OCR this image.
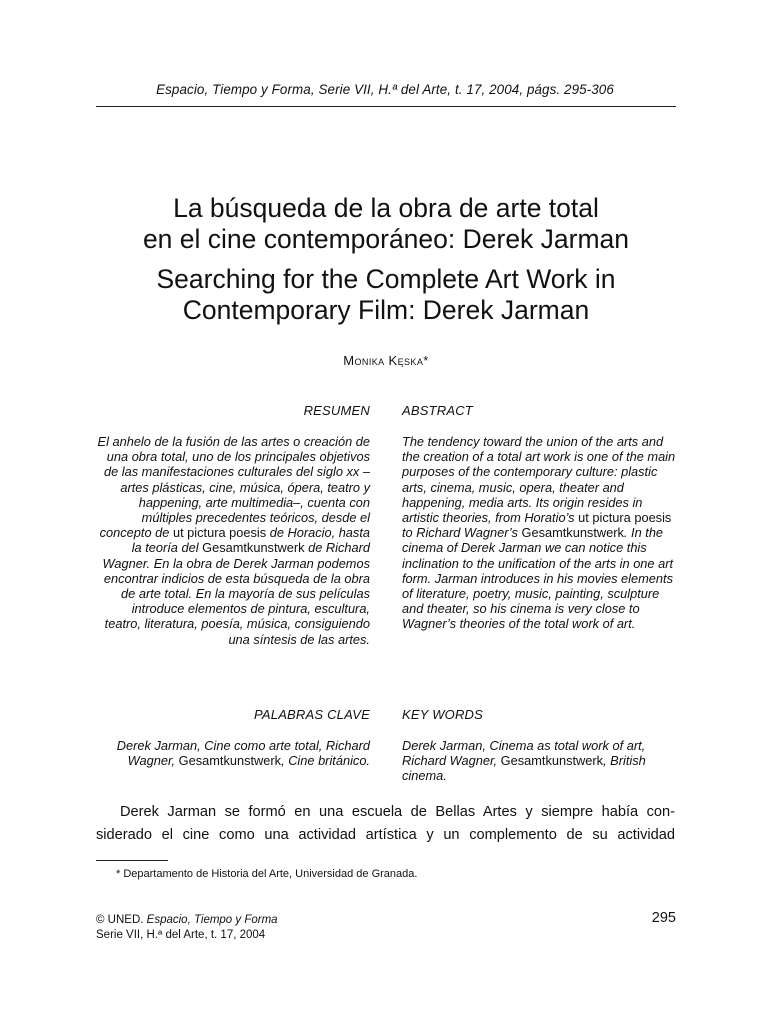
Espacio, Tiempo y Forma, Serie VII, H.ª del Arte, t. 17, 2004, págs. 295-306
La búsqueda de la obra de arte total
en el cine contemporáneo: Derek Jarman
Searching for the Complete Art Work in
Contemporary Film: Derek Jarman
Monika Kęska*
RESUMEN ABSTRACT
El anhelo de la fusión de las artes o creación de una obra total, uno de los principales objetivos de las manifestaciones culturales del siglo xx –artes plásticas, cine, música, ópera, teatro y happening, arte multimedia–, cuenta con múltiples precedentes teóricos, desde el concepto de ut pictura poesis de Horacio, hasta la teoría del Gesamtkunstwerk de Richard Wagner. En la obra de Derek Jarman podemos encontrar indicios de esta búsqueda de la obra de arte total. En la mayoría de sus películas introduce elementos de pintura, escultura, teatro, literatura, poesía, música, consiguiendo una síntesis de las artes.
The tendency toward the union of the arts and the creation of a total art work is one of the main purposes of the contemporary culture: plastic arts, cinema, music, opera, theater and happening, media arts. Its origin resides in artistic theories, from Horatio’s ut pictura poesis to Richard Wagner’s Gesamtkunstwerk. In the cinema of Derek Jarman we can notice this inclination to the unification of the arts in one art form. Jarman introduces in his movies elements of literature, poetry, music, painting, sculpture and theater, so his cinema is very close to Wagner’s theories of the total work of art.
PALABRAS CLAVE KEY WORDS
Derek Jarman, Cine como arte total, Richard Wagner, Gesamtkunstwerk, Cine británico.
Derek Jarman, Cinema as total work of art, Richard Wagner, Gesamtkunstwerk, British cinema.
Derek Jarman se formó en una escuela de Bellas Artes y siempre había con-
siderado el cine como una actividad artística y un complemento de su actividad
* Departamento de Historia del Arte, Universidad de Granada.
© UNED. Espacio, Tiempo y Forma
Serie VII, H.ª del Arte, t. 17, 2004
295
